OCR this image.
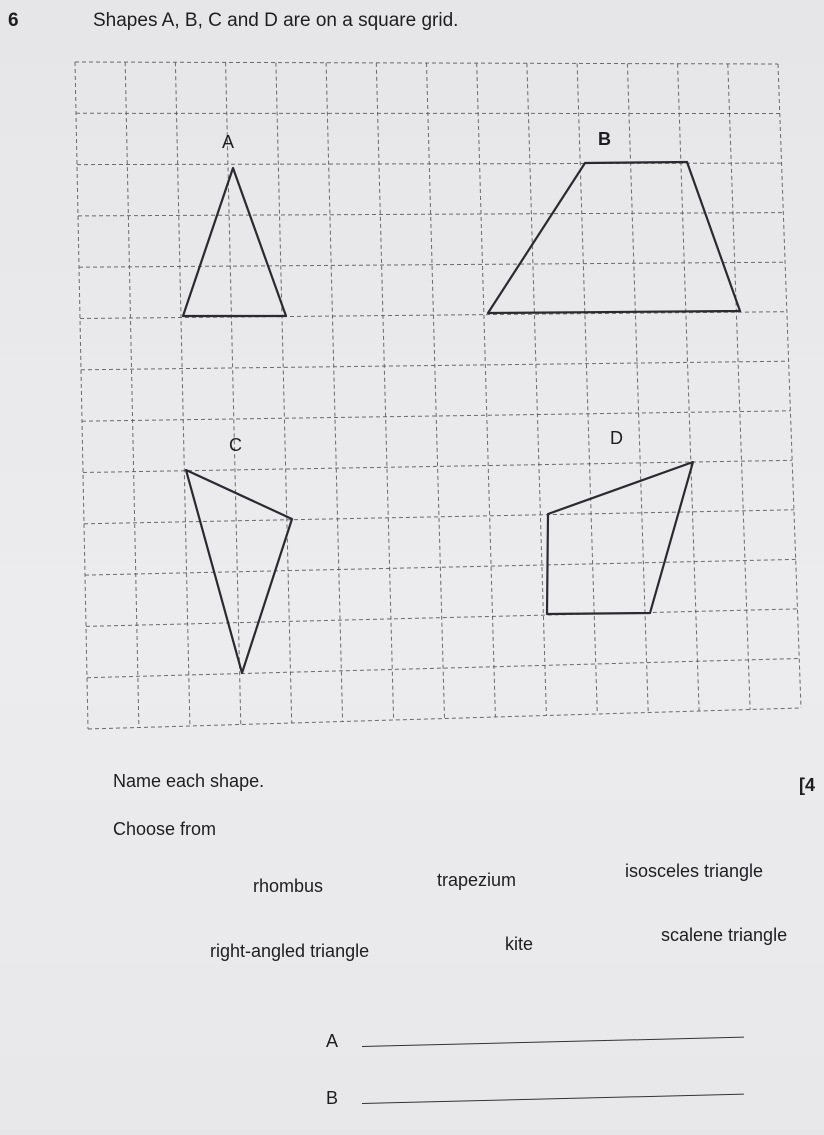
6	Shapes A, B, C and D are on a square grid.
A	B
C	D
Name each shape.	[4
Choose from
rhombus	trapezium	isosceles triangle
right-angled triangle	kite	scalene triangle
A
B
